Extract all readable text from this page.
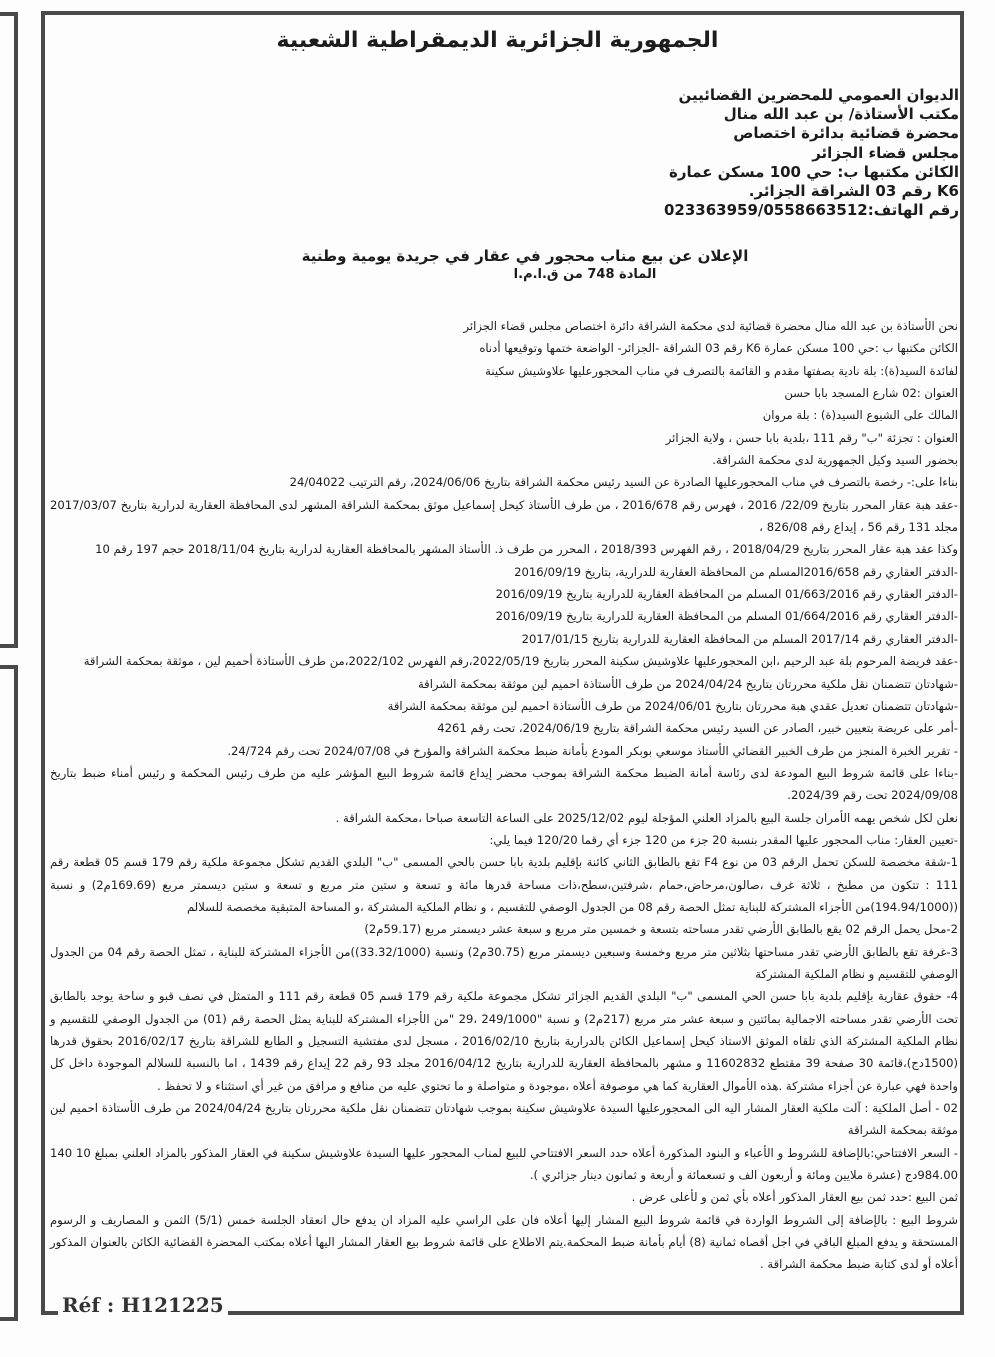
الجمهورية الجزائرية الديمقراطية الشعبية
الديوان العمومي للمحضرين القضائيين
مكتب الأستاذة/ بن عبد الله منال
محضرة قضائية بدائرة اختصاص
مجلس قضاء الجزائر
الكائن مكتبها ب: حي 100 مسكن عمارة
K6 رقم 03 الشراقة الجزائر.
رقم الهاتف:023363959/0558663512
الإعلان عن بيع مناب محجور في عقار في جريدة يومية وطنية
المادة 748 من ق.ا.م.ا

نحن الأستاذة بن عبد الله منال محضرة قضائية لدى محكمة الشراقة دائرة اختصاص مجلس قضاء الجزائر

الكائن مكتبها ب :حي 100 مسكن عمارة K6 رقم 03 الشراقة -الجزائر- الواضعة ختمها وتوقيعها أدناه

لفائدة السيد(ة): بلة نادية بصفتها مقدم و القائمة بالتصرف في مناب المحجورعليها علاوشيش سكينة

العنوان :02 شارع المسجد بابا حسن

المالك على الشيوع السيد(ة) : بلة مروان

العنوان : تجزئة "ب" رقم 111 ،بلدية بابا حسن ، ولاية الجزائر

بحضور السيد وكيل الجمهورية لدى محكمة الشراقة.

بناءا على:- رخصة بالتصرف في مناب المحجورعليها الصادرة عن السيد رئيس محكمة الشراقة بتاريخ 2024/06/06، رقم الترتيب 24/04022

-عقد هبة عقار المحرر بتاريخ 22/09/ 2016 ، فهرس رقم 2016/678 ، من طرف الأستاذ كيحل إسماعيل موثق بمحكمة الشراقة المشهر لدى المحافظة العقارية لدرارية بتاريخ 2017/03/07 مجلد 131 رقم 56 ، إيداع رقم 826/08 ،

وكذا عقد هبة عقار المحرر بتاريخ 2018/04/29 ، رقم الفهرس 2018/393 ، المحرر من طرف ذ. الأستاذ المشهر بالمحافظة العقارية لدرارية بتاريخ 2018/11/04 حجم 197 رقم 10

-الدفتر العقاري رقم 2016/658المسلم من المحافظة العقارية للدرارية، بتاريخ 2016/09/19

-الدفتر العقاري رقم 01/663/2016 المسلم من المحافظة العقارية للدرارية بتاريخ 2016/09/19

-الدفتر العقاري رقم 01/664/2016 المسلم من المحافظة العقارية للدرارية بتاريخ 2016/09/19

-الدفتر العقاري رقم 2017/14 المسلم من المحافظة العقارية للدرارية بتاريخ 2017/01/15

-عقد فريضة المرحوم بلة عبد الرحيم ،ابن المحجورعليها علاوشيش سكينة المحرر بتاريخ 2022/05/19،رقم الفهرس 2022/102،من طرف الأستاذة أحميم لين ، موثقة بمحكمة الشراقة

-شهادتان تتضمنان نقل ملكية محررتان بتاريخ 2024/04/24 من طرف الأستاذة احميم لين موثقة بمحكمة الشراقة

-شهادتان تتضمنان تعديل عقدي هبة محررتان بتاريخ 2024/06/01 من طرف الأستاذة احميم لين موثقة بمحكمة الشراقة

-أمر على عريضة بتعيين خبير، الصادر عن السيد رئيس محكمة الشراقة بتاريخ 2024/06/19، تحت رقم 4261

- تقرير الخبرة المنجز من طرف الخبير القضائي الأستاذ موسعي بوبكر المودع بأمانة ضبط محكمة الشراقة والمؤرخ في 2024/07/08 تحت رقم 24/724.

-بناءا على قائمة شروط البيع المودعة لدى رئاسة أمانة الضبط محكمة الشراقة بموجب محضر إيداع قائمة شروط البيع المؤشر عليه من طرف رئيس المحكمة و رئيس أمناء ضبط بتاريخ 2024/09/08 تحت رقم 2024/39.

نعلن لكل شخص يهمه الأمران جلسة البيع بالمزاد العلني المؤجلة ليوم 2025/12/02 على الساعة التاسعة صباحا ،محكمة الشراقة .

-تعيين العقار: مناب المحجور عليها المقدر بنسبة 20 جزء من 120 جزء أي رقما 120/20 فيما يلي:

1-شقة مخصصة للسكن تحمل الرقم 03 من نوع F4 تقع بالطابق الثاني كائنة بإقليم بلدية بابا حسن بالحي المسمى "ب" البلدي القديم تشكل مجموعة ملكية رقم 179 قسم 05 قطعة رقم 111 : تتكون من مطبخ ، ثلاثة غرف ،صالون،مرحاض،حمام ،شرفتين،سطح،ذات مساحة قدرها مائة و تسعة و ستين متر مربع و تسعة و ستين ديسمتر مربع (169.69م2) و نسبة ((194.94/1000)من الأجزاء المشتركة للبناية تمثل الحصة رقم 08 من الجدول الوصفي للتقسيم ، و نظام الملكية المشتركة ،و المساحة المتبقية مخصصة للسلالم

2-محل يحمل الرقم 02 يقع بالطابق الأرضي تقدر مساحته بتسعة و خمسين متر مربع و سبعة عشر ديسمتر مربع (59.17م2)

3-غرفة تقع بالطابق الأرضي تقدر مساحتها بثلاثين متر مربع وخمسة وسبعين ديسمتر مربع (30.75م2) ونسبة (33.32/1000))من الأجزاء المشتركة للبناية ، تمثل الحصة رقم 04 من الجدول الوصفي للتقسيم و نظام الملكية المشتركة

4- حقوق عقارية بإقليم بلدية بابا حسن الحي المسمى "ب" البلدي القديم الجزائر تشكل مجموعة ملكية رقم 179 قسم 05 قطعة رقم 111 و المتمثل في نصف قبو و ساحة يوجد بالطابق تحت الأرضي تقدر مساحته الاجمالية بمائتين و سبعة عشر متر مربع (217م2) و نسبة "249/1000 ،29 "من الأجزاء المشتركة للبناية يمثل الحصة رقم (01) من الجدول الوصفي للتقسيم و نظام الملكية المشتركة الذي تلقاه الموثق الاستاذ كيحل إسماعيل الكائن بالدرارية بتاريخ 2016/02/10 ، مسجل لدى مفتشية التسجيل و الطابع للشراقة بتاريخ 2016/02/17 بحقوق قدرها (1500دج)،قائمة 30 صفحة 39 مقتطع 11602832 و مشهر بالمحافظة العقارية للدرارية بتاريخ 2016/04/12 مجلد 93 رقم 22 إيداع رقم 1439 ، اما بالنسبة للسلالم الموجودة داخل كل واحدة فهي عبارة عن أجزاء مشتركة .هذه الأموال العقارية كما هي موصوفة أعلاه ،موجودة و متواصلة و ما تحتوي عليه من منافع و مرافق من غير أي استثناء و لا تحفظ .

02 - أصل الملكية : آلت ملكية العقار المشار اليه الى المحجورعليها السيدة علاوشيش سكينة بموجب شهادتان تتضمنان نقل ملكية محررتان بتاريخ 2024/04/24 من طرف الأستاذة احميم لين موثقة بمحكمة الشراقة

- السعر الافتتاحي:بالإضافة للشروط و الأعباء و البنود المذكورة أعلاه حدد السعر الافتتاحي للبيع لمناب المحجور عليها السيدة علاوشيش سكينة في العقار المذكور بالمزاد العلني بمبلغ 10 140 984.00دج (عشرة ملايين ومائة و أربعون الف و تسعمائة و أربعة و ثمانون دينار جزائري ).

ثمن البيع :حدد ثمن بيع العقار المذكور أعلاه بأي ثمن و لأعلى عرض .

شروط البيع : بالإضافة إلى الشروط الواردة في قائمة شروط البيع المشار إليها أعلاه فان على الراسي عليه المزاد ان يدفع حال انعقاد الجلسة خمس (5/1) الثمن و المصاريف و الرسوم المستحقة و يدفع المبلغ الباقي في اجل أقصاه ثمانية (8) أيام بأمانة ضبط المحكمة.يتم الاطلاع على قائمة شروط بيع العقار المشار اليها أعلاه بمكتب المحضرة القضائية الكائن بالعنوان المذكور أعلاه أو لدى كتابة ضبط محكمة الشراقة .

Réf : H121225
